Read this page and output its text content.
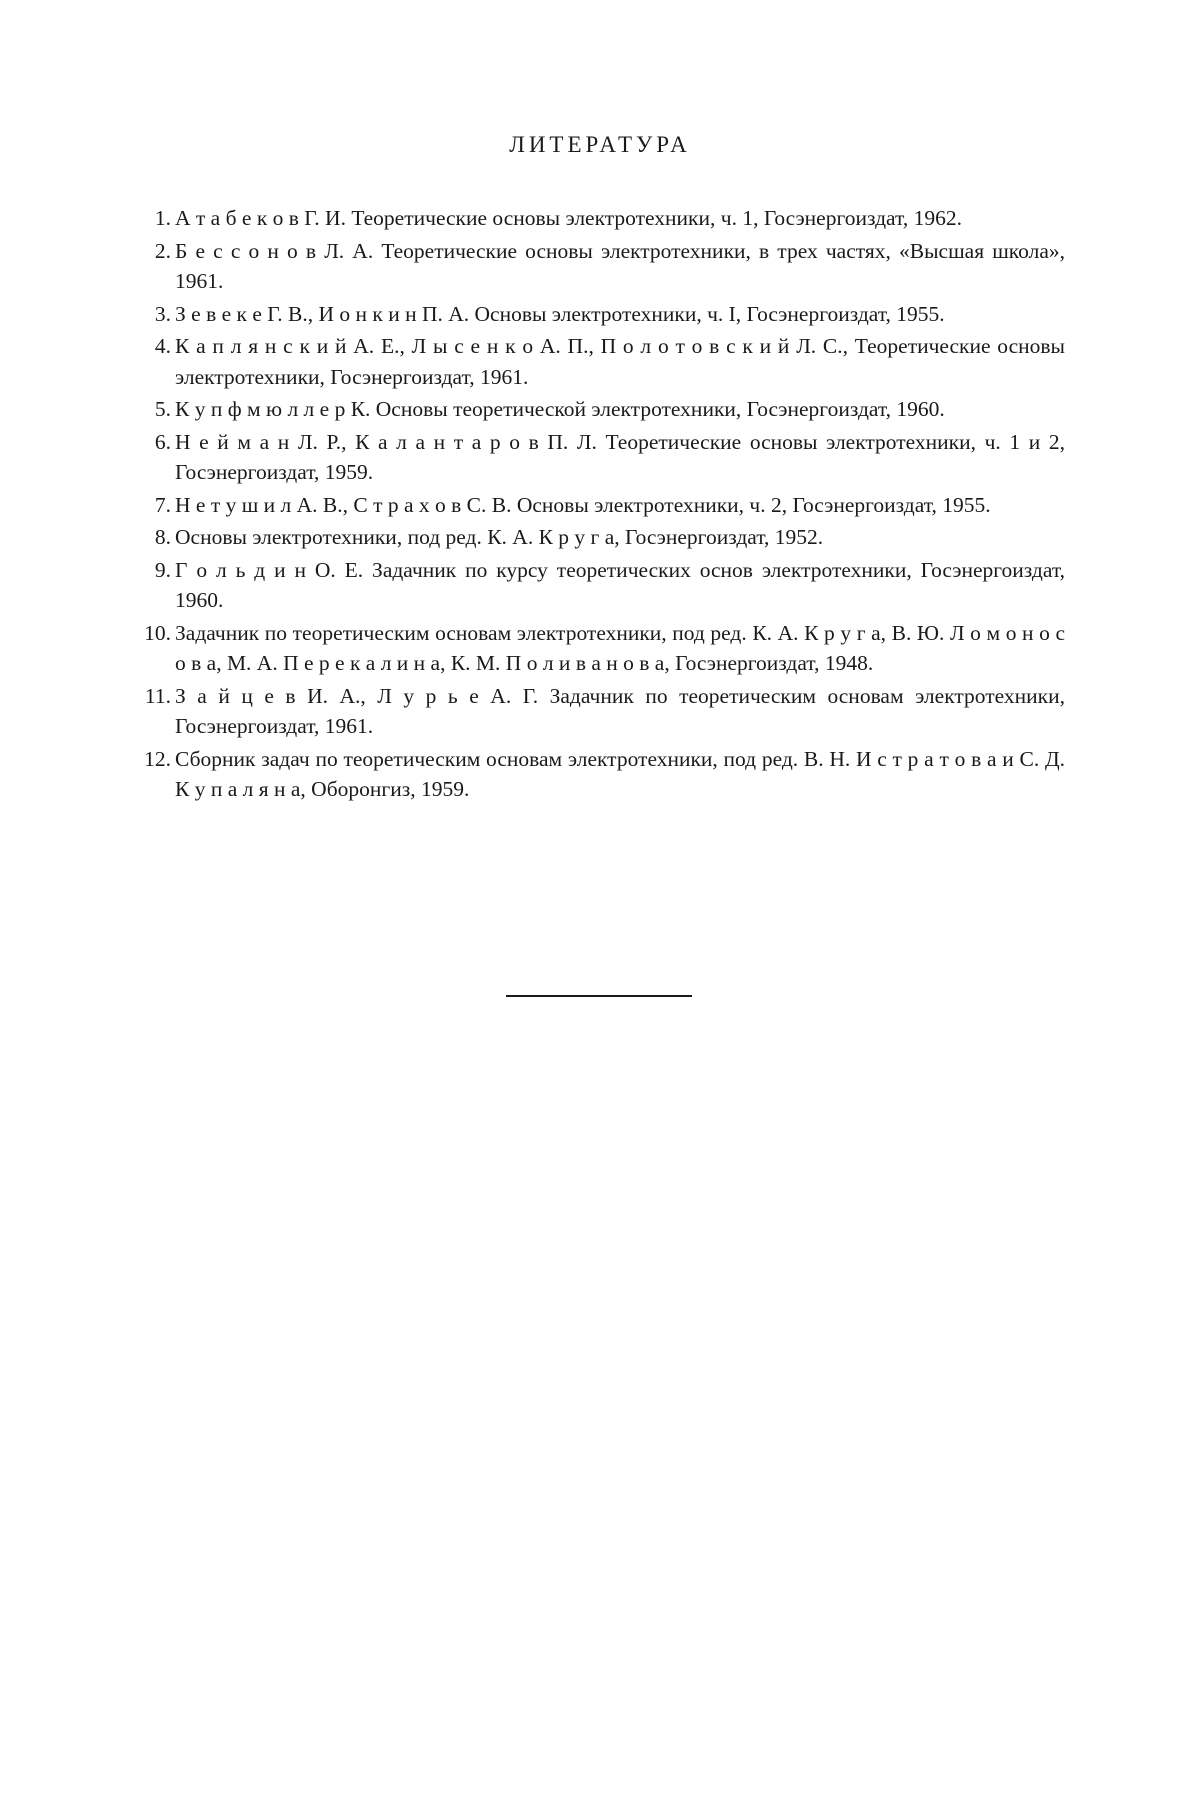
ЛИТЕРАТУРА
1. А т а б е к о в Г. И. Теоретические основы электротехники, ч. 1, Госэнергоиздат, 1962.
2. Б е с с о н о в Л. А. Теоретические основы электротехники, в трех частях, «Высшая школа», 1961.
3. З е в е к е Г. В., И о н к и н П. А. Основы электротехники, ч. I, Госэнергоиздат, 1955.
4. К а п л я н с к и й А. Е., Л ы с е н к о А. П., П о л о т о в с к и й Л. С., Теоретические основы электротехники, Госэнергоиздат, 1961.
5. К у п ф м ю л л е р К. Основы теоретической электротехники, Госэнергоиздат, 1960.
6. Н е й м а н Л. Р., К а л а н т а р о в П. Л. Теоретические основы электротехники, ч. 1 и 2, Госэнергоиздат, 1959.
7. Н е т у ш и л А. В., С т р а х о в С. В. Основы электротехники, ч. 2, Госэнергоиздат, 1955.
8. Основы электротехники, под ред. К. А. К р у г а, Госэнергоиздат, 1952.
9. Г о л ь д и н О. Е. Задачник по курсу теоретических основ электротехники, Госэнергоиздат, 1960.
10. Задачник по теоретическим основам электротехники, под ред. К. А. К р у г а, В. Ю. Л о м о н о с о в а, М. А. П е р е к а л и н а, К. М. П о л и в а н о в а, Госэнергоиздат, 1948.
11. З а й ц е в И. А., Л у р ь е А. Г. Задачник по теоретическим основам электротехники, Госэнергоиздат, 1961.
12. Сборник задач по теоретическим основам электротехники, под ред. В. Н. И с т р а т о в а и С. Д. К у п а л я н а, Оборонгиз, 1959.
